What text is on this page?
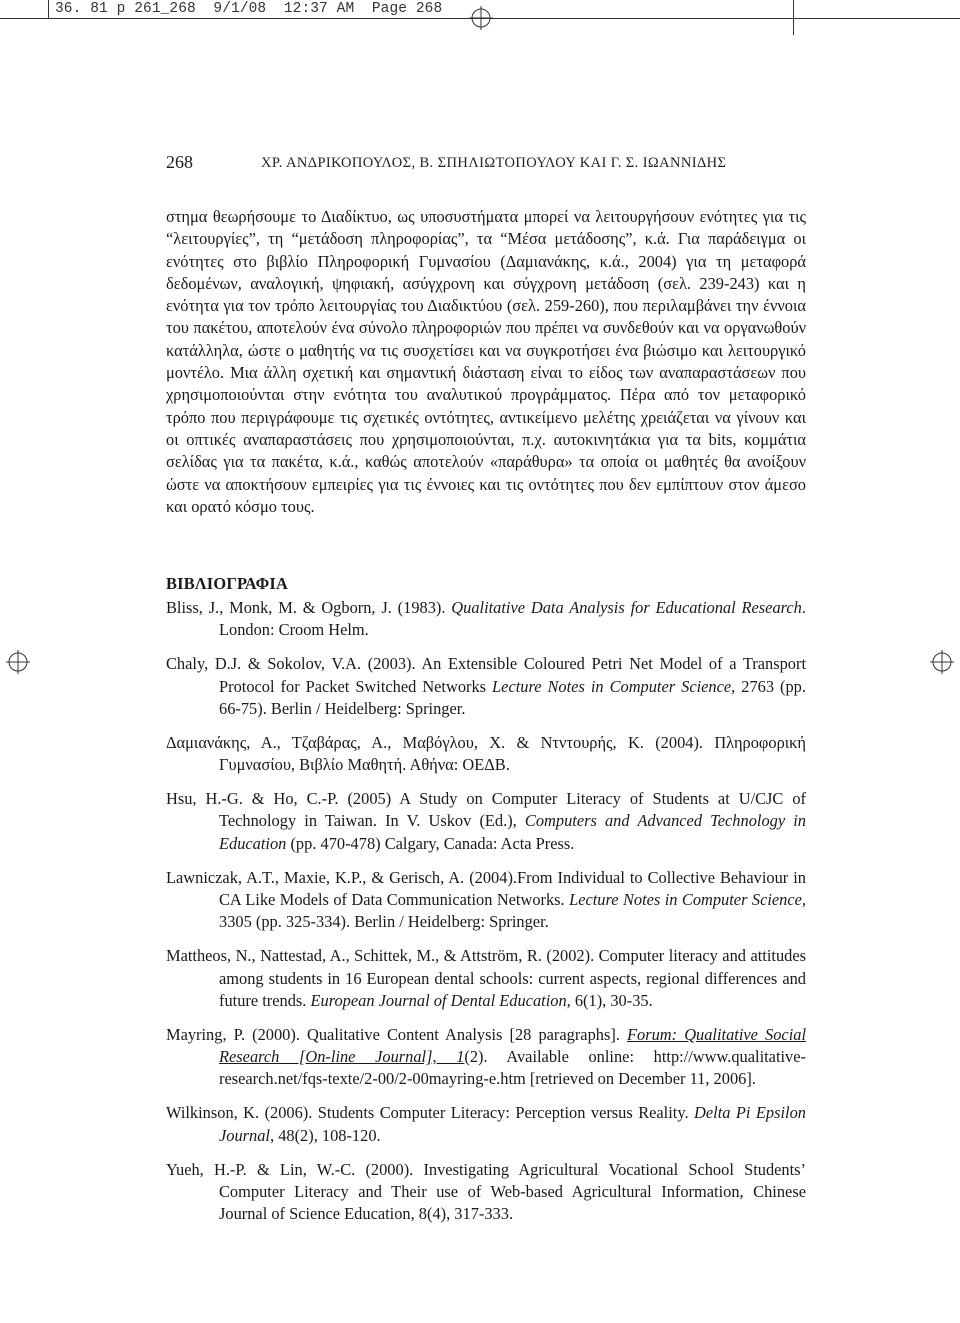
36. 81 p 261_268  9/1/08  12:37 AM  Page 268
268	ΧΡ. ΑΝΔΡΙΚΟΠΟΥΛΟΣ, Β. ΣΠΗΛΙΩΤΟΠΟΥΛΟΥ ΚΑΙ Γ. Σ. ΙΩΑΝΝΙΔΗΣ

στημα θεωρήσουμε το Διαδίκτυο, ως υποσυστήματα μπορεί να λειτουργήσουν ενότητες για τις “λειτουργίες”, τη “μετάδοση πληροφορίας”, τα “Μέσα μετάδοσης”, κ.ά. Για παράδειγμα οι ενότητες στο βιβλίο Πληροφορική Γυμνασίου (Δαμιανάκης, κ.ά., 2004) για τη μεταφορά δεδομένων, αναλογική, ψηφιακή, ασύγχρονη και σύγχρονη μετάδοση (σελ. 239-243) και η ενότητα για τον τρόπο λειτουργίας του Διαδικτύου (σελ. 259-260), που περιλαμβάνει την έννοια του πακέτου, αποτελούν ένα σύνολο πληροφοριών που πρέπει να συνδεθούν και να οργανωθούν κατάλληλα, ώστε ο μαθητής να τις συσχετίσει και να συγκροτήσει ένα βιώσιμο και λειτουργικό μοντέλο. Μια άλλη σχετική και σημαντική διάσταση είναι το είδος των αναπαραστάσεων που χρησιμοποιούνται στην ενότητα του αναλυτικού προγράμματος. Πέρα από τον μεταφορικό τρόπο που περιγράφουμε τις σχετικές οντότητες, αντικείμενο μελέτης χρειάζεται να γίνουν και οι οπτικές αναπαραστάσεις που χρησιμοποιούνται, π.χ. αυτοκινητάκια για τα bits, κομμάτια σελίδας για τα πακέτα, κ.ά., καθώς αποτελούν «παράθυρα» τα οποία οι μαθητές θα ανοίξουν ώστε να αποκτήσουν εμπειρίες για τις έννοιες και τις οντότητες που δεν εμπίπτουν στον άμεσο και ορατό κόσμο τους.

ΒΙΒΛΙΟΓΡΑΦΙΑ
Bliss, J., Monk, M. & Ogborn, J. (1983). Qualitative Data Analysis for Educational Research. London: Croom Helm.
Chaly, D.J. & Sokolov, V.A. (2003). An Extensible Coloured Petri Net Model of a Transport Protocol for Packet Switched Networks Lecture Notes in Computer Science, 2763 (pp. 66-75). Berlin / Heidelberg: Springer.
Δαμιανάκης, Α., Τζαβάρας, Α., Μαβόγλου, Χ. & Ντντουρής, Κ. (2004). Πληροφορική Γυμνασίου, Βιβλίο Μαθητή. Αθήνα: ΟΕΔΒ.
Hsu, H.-G. & Ho, C.-P. (2005) A Study on Computer Literacy of Students at U/CJC of Technology in Taiwan. In V. Uskov (Ed.), Computers and Advanced Technology in Education (pp. 470-478) Calgary, Canada: Acta Press.
Lawniczak, A.T., Maxie, K.P., & Gerisch, A. (2004).From Individual to Collective Behaviour in CA Like Models of Data Communication Networks. Lecture Notes in Computer Science, 3305 (pp. 325-334). Berlin / Heidelberg: Springer.
Mattheos, N., Nattestad, A., Schittek, M., & Attström, R. (2002). Computer literacy and attitudes among students in 16 European dental schools: current aspects, regional differences and future trends. European Journal of Dental Education, 6(1), 30-35.
Mayring, P. (2000). Qualitative Content Analysis [28 paragraphs]. Forum: Qualitative Social Research [On-line Journal], 1(2). Available online: http://www.qualitative-research.net/fqs-texte/2-00/2-00mayring-e.htm [retrieved on December 11, 2006].
Wilkinson, K. (2006). Students Computer Literacy: Perception versus Reality. Delta Pi Epsilon Journal, 48(2), 108-120.
Yueh, H.-P. & Lin, W.-C. (2000). Investigating Agricultural Vocational School Students’ Computer Literacy and Their use of Web-based Agricultural Information, Chinese Journal of Science Education, 8(4), 317-333.
